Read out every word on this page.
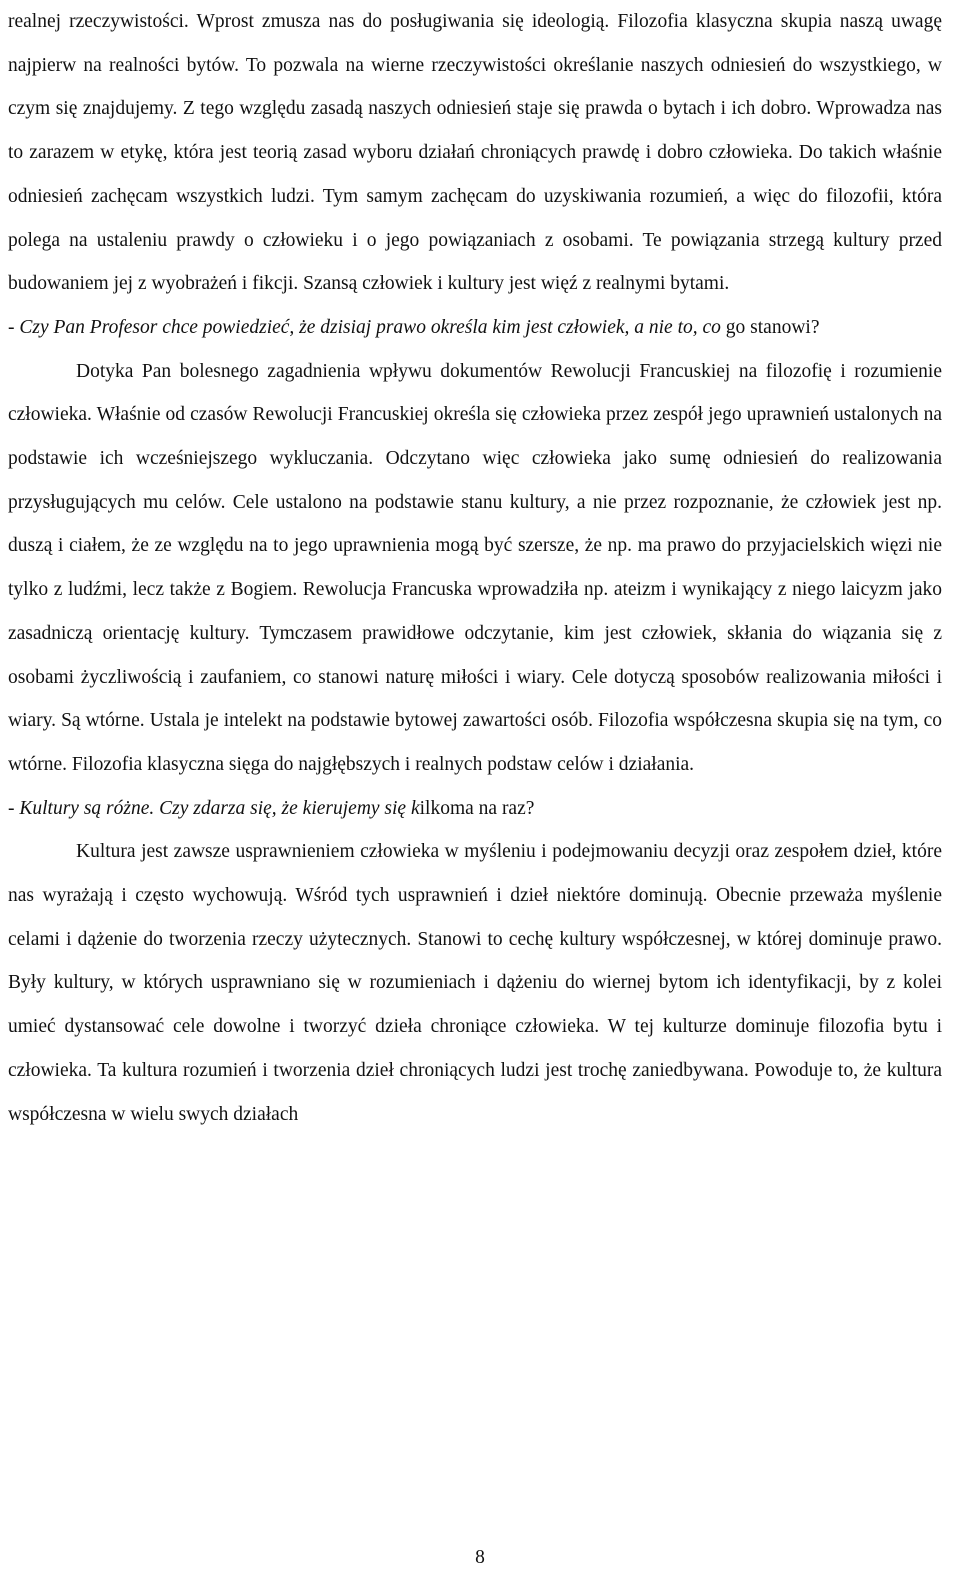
realnej rzeczywistości. Wprost zmusza nas do posługiwania się ideologią. Filozofia klasyczna skupia naszą uwagę najpierw na realności bytów. To pozwala na wierne rzeczywistości określanie naszych odniesień do wszystkiego, w czym się znajdujemy. Z tego względu zasadą naszych odniesień staje się prawda o bytach i ich dobro. Wprowadza nas to zarazem w etykę, która jest teorią zasad wyboru działań chroniących prawdę i dobro człowieka. Do takich właśnie odniesień zachęcam wszystkich ludzi. Tym samym zachęcam do uzyskiwania rozumień, a więc do filozofii, która polega na ustaleniu prawdy o człowieku i o jego powiązaniach z osobami. Te powiązania strzegą kultury przed budowaniem jej z wyobrażeń i fikcji. Szansą człowiek i kultury jest więź z realnymi bytami.

- Czy Pan Profesor chce powiedzieć, że dzisiaj prawo określa kim jest człowiek, a nie to, co go stanowi?

Dotyka Pan bolesnego zagadnienia wpływu dokumentów Rewolucji Francuskiej na filozofię i rozumienie człowieka. Właśnie od czasów Rewolucji Francuskiej określa się człowieka przez zespół jego uprawnień ustalonych na podstawie ich wcześniejszego wykluczania. Odczytano więc człowieka jako sumę odniesień do realizowania przysługujących mu celów. Cele ustalono na podstawie stanu kultury, a nie przez rozpoznanie, że człowiek jest np. duszą i ciałem, że ze względu na to jego uprawnienia mogą być szersze, że np. ma prawo do przyjacielskich więzi nie tylko z ludźmi, lecz także z Bogiem. Rewolucja Francuska wprowadziła np. ateizm i wynikający z niego laicyzm jako zasadniczą orientację kultury. Tymczasem prawidłowe odczytanie, kim jest człowiek, skłania do wiązania się z osobami życzliwością i zaufaniem, co stanowi naturę miłości i wiary. Cele dotyczą sposobów realizowania miłości i wiary. Są wtórne. Ustala je intelekt na podstawie bytowej zawartości osób. Filozofia współczesna skupia się na tym, co wtórne. Filozofia klasyczna sięga do najgłębszych i realnych podstaw celów i działania.

- Kultury są różne. Czy zdarza się, że kierujemy się kilkoma na raz?

Kultura jest zawsze usprawnieniem człowieka w myśleniu i podejmowaniu decyzji oraz zespołem dzieł, które nas wyrażają i często wychowują. Wśród tych usprawnień i dzieł niektóre dominują. Obecnie przeważa myślenie celami i dążenie do tworzenia rzeczy użytecznych. Stanowi to cechę kultury współczesnej, w której dominuje prawo. Były kultury, w których usprawniano się w rozumieniach i dążeniu do wiernej bytom ich identyfikacji, by z kolei umieć dystansować cele dowolne i tworzyć dzieła chroniące człowieka. W tej kulturze dominuje filozofia bytu i człowieka. Ta kultura rozumień i tworzenia dzieł chroniących ludzi jest trochę zaniedbywana. Powoduje to, że kultura współczesna w wielu swych działach

8
